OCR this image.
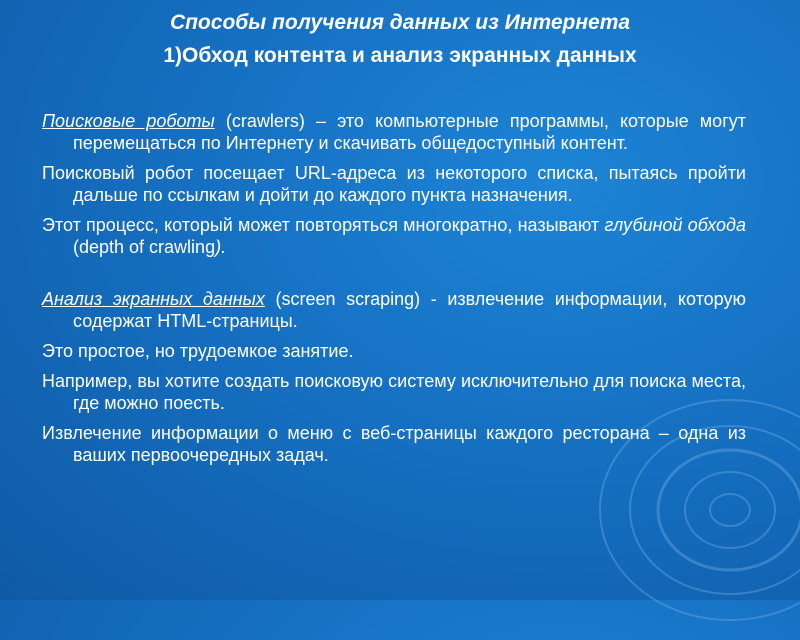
Способы получения данных из Интернета
1)Обход контента и анализ экранных данных

Поисковые роботы (crawlers) – это компьютерные программы, которые могут перемещаться по Интернету и скачивать общедоступный контент.

Поисковый робот посещает URL-адреса из некоторого списка, пытаясь пройти дальше по ссылкам и дойти до каждого пункта назначения.

Этот процесс, который может повторяться многократно, называют глубиной обхода (depth of crawling).

Анализ экранных данных (screen scraping) - извлечение информации, которую содержат HTML-страницы.

Это простое, но трудоемкое занятие.

Например, вы хотите создать поисковую систему исключительно для поиска места, где можно поесть.

Извлечение информации о меню с веб-страницы каждого ресторана – одна из ваших первоочередных задач.
